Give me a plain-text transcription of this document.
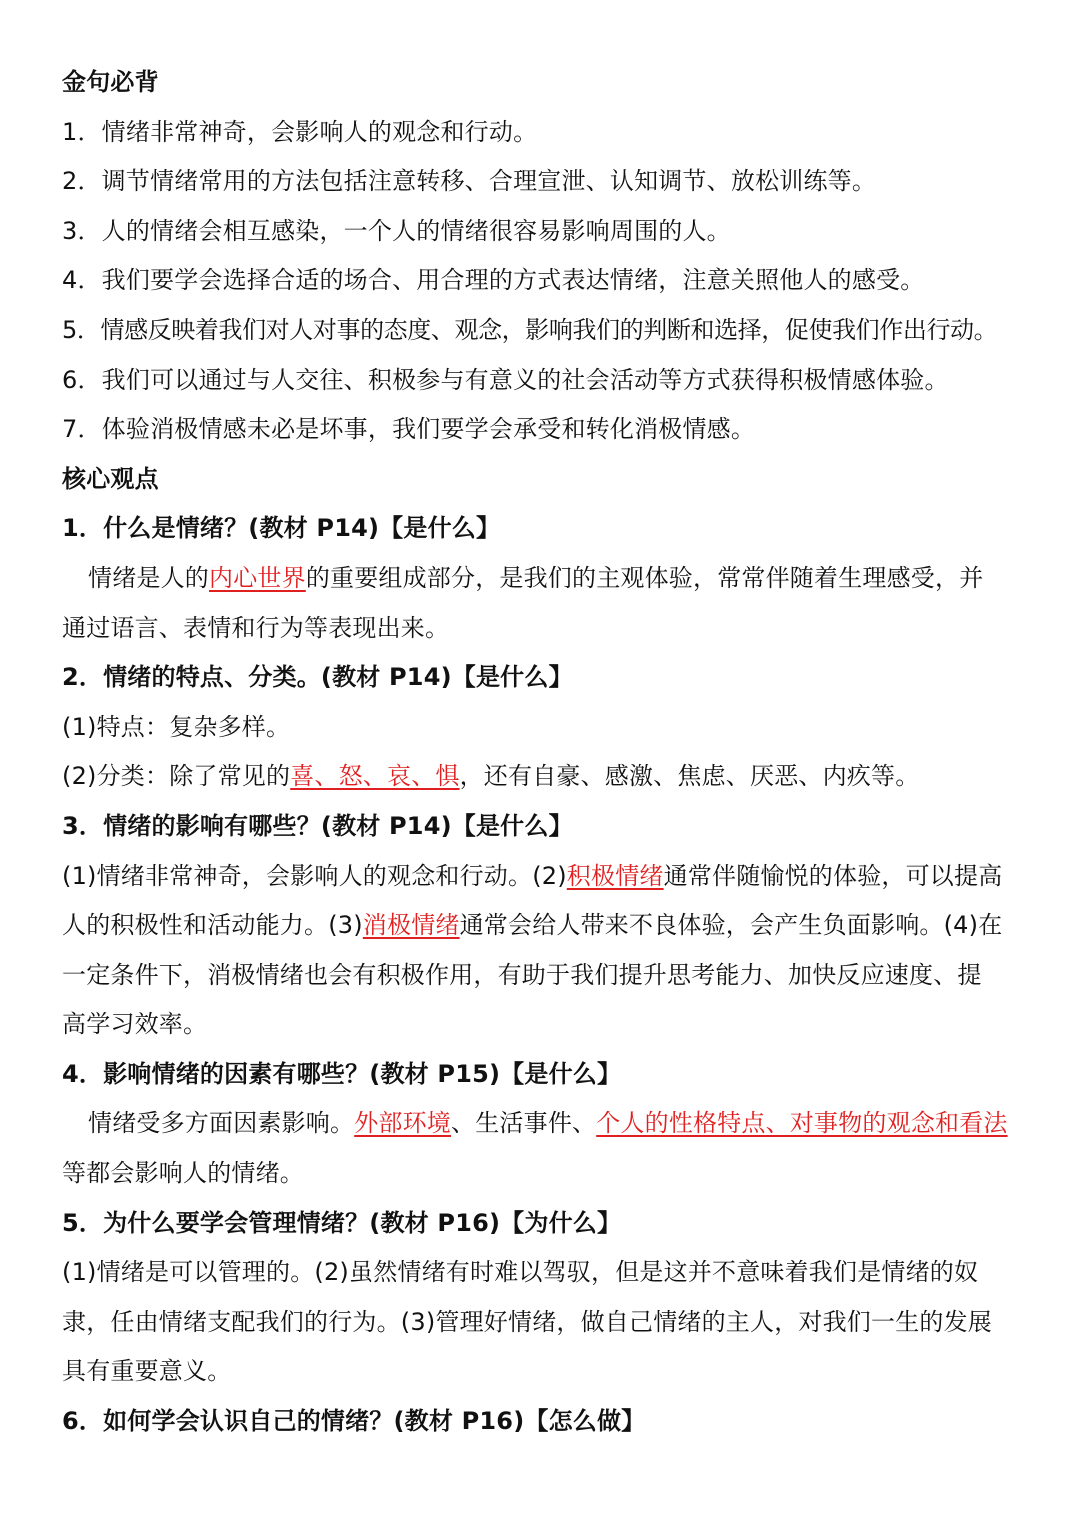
金句必背
1．情绪非常神奇，会影响人的观念和行动。
2．调节情绪常用的方法包括注意转移、合理宣泄、认知调节、放松训练等。
3．人的情绪会相互感染，一个人的情绪很容易影响周围的人。
4．我们要学会选择合适的场合、用合理的方式表达情绪，注意关照他人的感受。
5．情感反映着我们对人对事的态度、观念，影响我们的判断和选择，促使我们作出行动。
6．我们可以通过与人交往、积极参与有意义的社会活动等方式获得积极情感体验。
7．体验消极情感未必是坏事，我们要学会承受和转化消极情感。
核心观点
1．什么是情绪？(教材 P14)【是什么】
情绪是人的内心世界的重要组成部分，是我们的主观体验，常常伴随着生理感受，并
通过语言、表情和行为等表现出来。
2．情绪的特点、分类。(教材 P14)【是什么】
(1)特点：复杂多样。
(2)分类：除了常见的喜、怒、哀、惧，还有自豪、感激、焦虑、厌恶、内疚等。
3．情绪的影响有哪些？(教材 P14)【是什么】
(1)情绪非常神奇，会影响人的观念和行动。(2)积极情绪通常伴随愉悦的体验，可以提高
人的积极性和活动能力。(3)消极情绪通常会给人带来不良体验，会产生负面影响。(4)在
一定条件下，消极情绪也会有积极作用，有助于我们提升思考能力、加快反应速度、提
高学习效率。
4．影响情绪的因素有哪些？(教材 P15)【是什么】
情绪受多方面因素影响。外部环境、生活事件、个人的性格特点、对事物的观念和看法
等都会影响人的情绪。
5．为什么要学会管理情绪？(教材 P16)【为什么】
(1)情绪是可以管理的。(2)虽然情绪有时难以驾驭，但是这并不意味着我们是情绪的奴
隶，任由情绪支配我们的行为。(3)管理好情绪，做自己情绪的主人，对我们一生的发展
具有重要意义。
6．如何学会认识自己的情绪？(教材 P16)【怎么做】
